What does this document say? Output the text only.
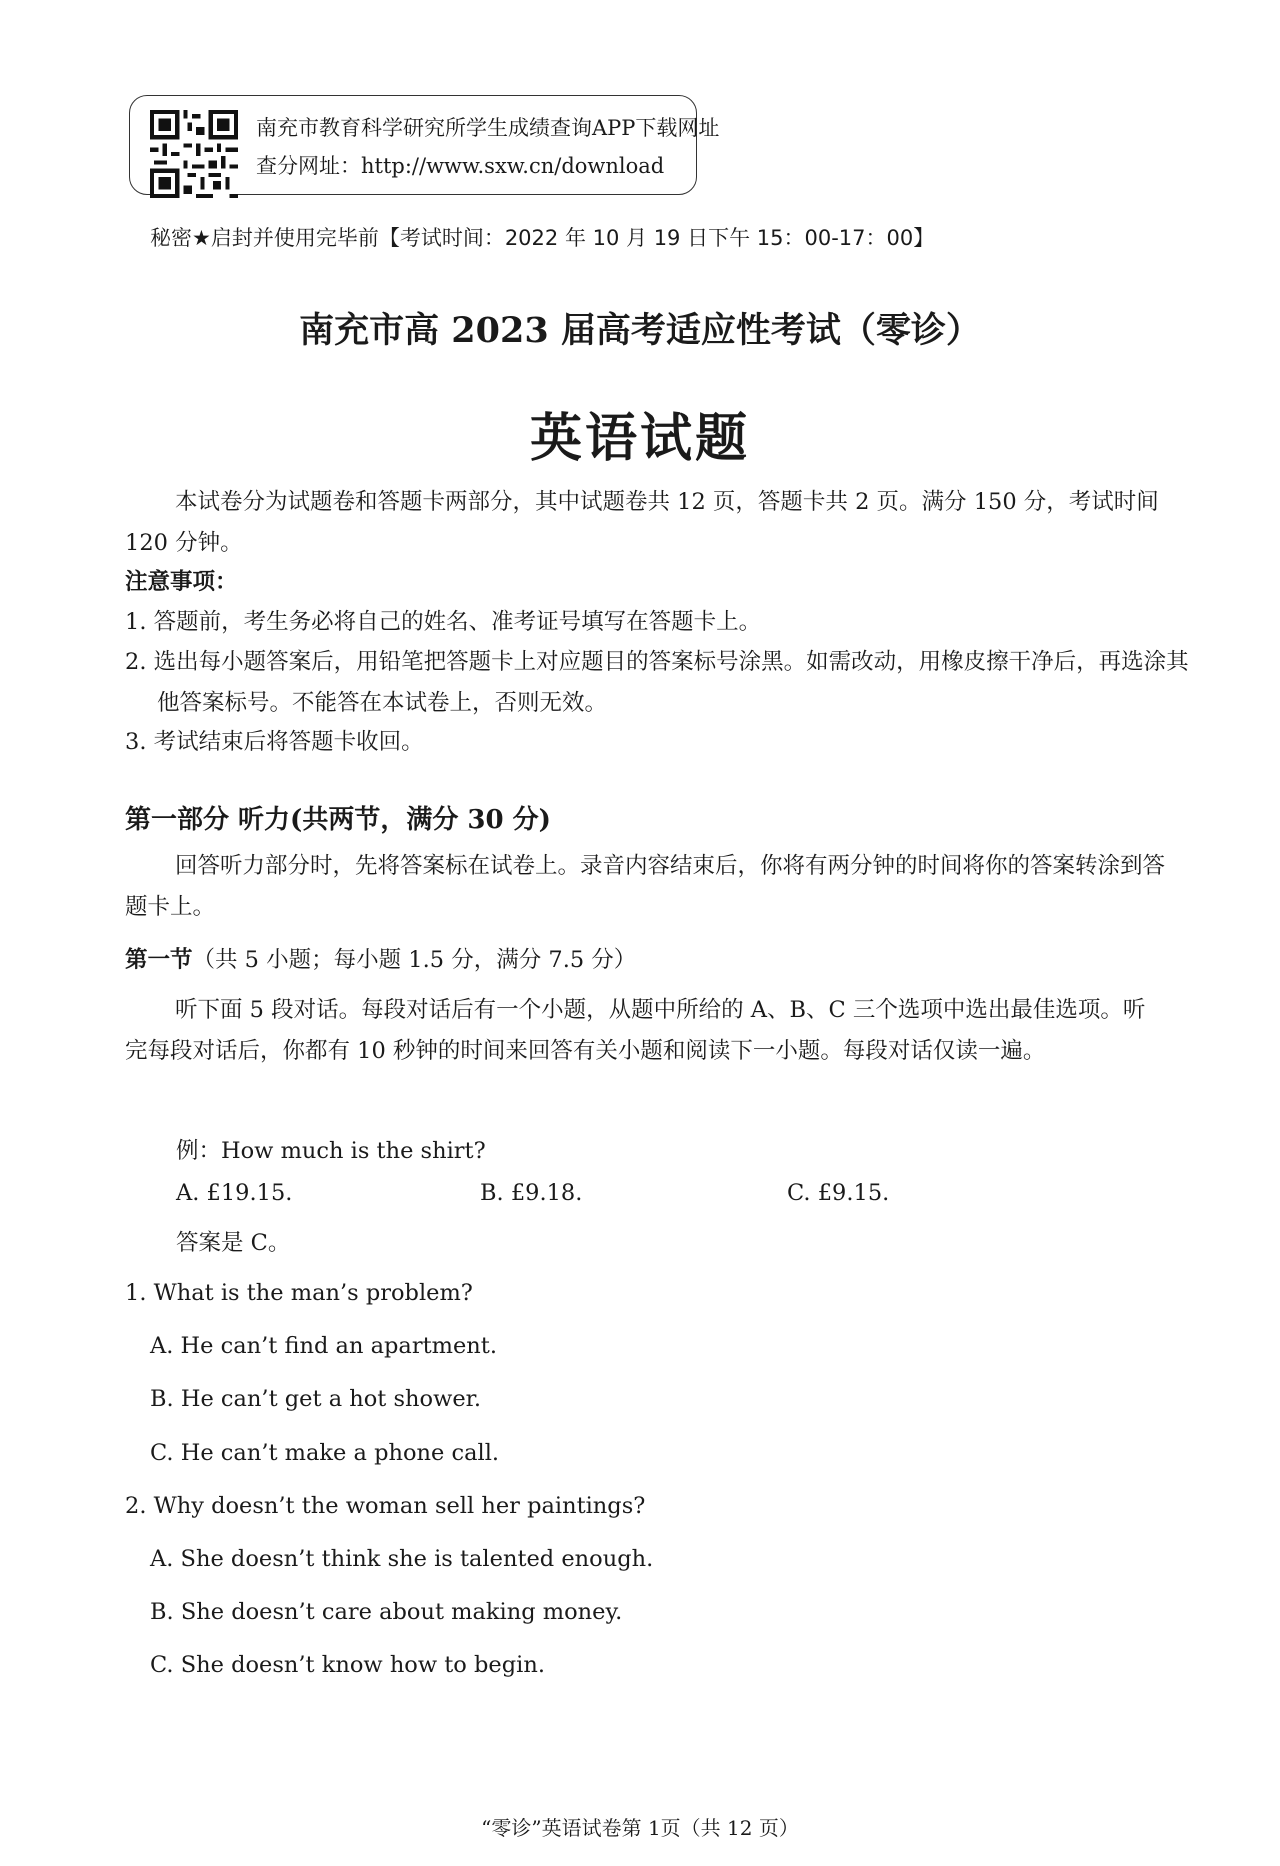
南充市教育科学研究所学生成绩查询APP下载网址
查分网址：http://www.sxw.cn/download
秘密★启封并使用完毕前【考试时间：2022 年 10 月 19 日下午 15：00-17：00】
南充市高 2023 届高考适应性考试（零诊）
英语试题
本试卷分为试题卷和答题卡两部分，其中试题卷共 12 页，答题卡共 2 页。满分 150 分，考试时间 120 分钟。
注意事项：
1. 答题前，考生务必将自己的姓名、准考证号填写在答题卡上。
2. 选出每小题答案后，用铅笔把答题卡上对应题目的答案标号涂黑。如需改动，用橡皮擦干净后，再选涂其他答案标号。不能答在本试卷上，否则无效。
3. 考试结束后将答题卡收回。
第一部分 听力(共两节，满分 30 分)
回答听力部分时，先将答案标在试卷上。录音内容结束后，你将有两分钟的时间将你的答案转涂到答题卡上。
第一节（共 5 小题；每小题 1.5 分，满分 7.5 分）
听下面 5 段对话。每段对话后有一个小题，从题中所给的 A、B、C 三个选项中选出最佳选项。听完每段对话后，你都有 10 秒钟的时间来回答有关小题和阅读下一小题。每段对话仅读一遍。
例：How much is the shirt?
A. £19.15.	B. £9.18.	C. £9.15.
答案是 C。
1. What is the man’s problem?
A. He can’t find an apartment.
B. He can’t get a hot shower.
C. He can’t make a phone call.
2. Why doesn’t the woman sell her paintings?
A. She doesn’t think she is talented enough.
B. She doesn’t care about making money.
C. She doesn’t know how to begin.
“零诊”英语试卷第 1页（共 12 页）
